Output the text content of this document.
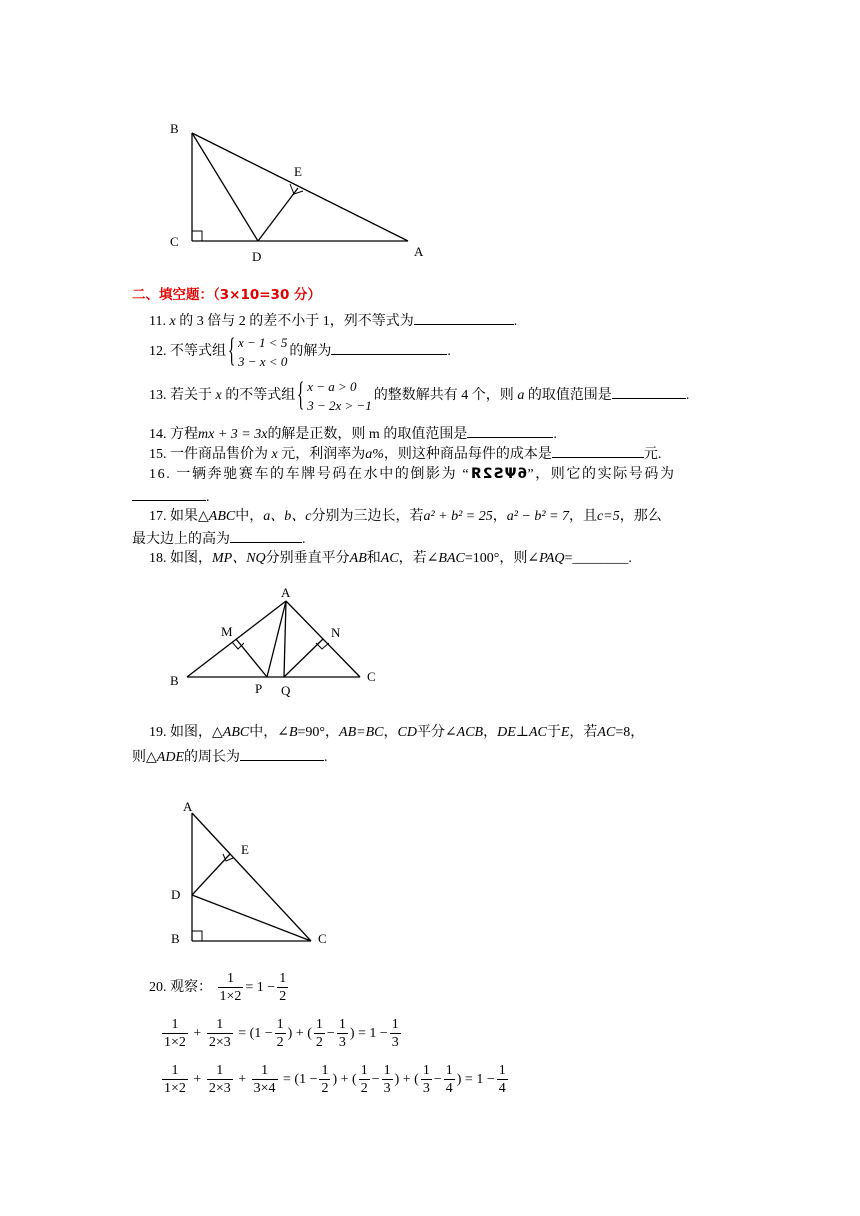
B
E
C
D	A
二、填空题：（3×10=30 分）
11. x 的 3 倍与 2 的差不小于 1，列不等式为	.
12. 不等式组 { x − 1 < 5
3 − x < 0
的解为	.
13. 若关于 x 的不等式组 { x − a > 0
3 − 2x > −1
的整数解共有 4 个，则 a 的取值范围是	.
14. 方程mx + 3 = 3x的解是正数，则 m 的取值范围是	.
15. 一件商品售价为 x 元，利润率为a%，则这种商品每件的成本是	元.
16. 一辆奔驰赛车的车牌号码在水中的倒影为 “6ΨS2Я”，则它的实际号码为
.
17. 如果△ABC中，a、b、c分别为三边长，若a² + b² = 25，a² − b² = 7，且c=5，那么
最大边上的高为	.
18. 如图，MP、NQ分别垂直平分AB和AC，若∠BAC=100°，则∠PAQ=________.
A
M	N
B
P Q
C
19. 如图，△ABC中，∠B=90°，AB=BC，CD平分∠ACB，DE⊥AC于E，若AC=8，
则△ADE的周长为	.
A
E
D
B	C
20. 观察： $\frac{1}{1\times 2} = 1 - \frac{1}{2}$
$\frac{1}{1\times 2} + \frac{1}{2\times 3} = (1 - \frac{1}{2}$ ) + ( $\frac{1}{2} - \frac{1}{3}$ ) = $1 - \frac{1}{3}$
$\frac{1}{1\times 2} + \frac{1}{2\times 3} + \frac{1}{3\times 4} = (1 - \frac{1}{2}$ ) + ( $\frac{1}{2} - \frac{1}{3}$ ) + ( $\frac{1}{3} - \frac{1}{4}$ ) = $1 - \frac{1}{4}$
